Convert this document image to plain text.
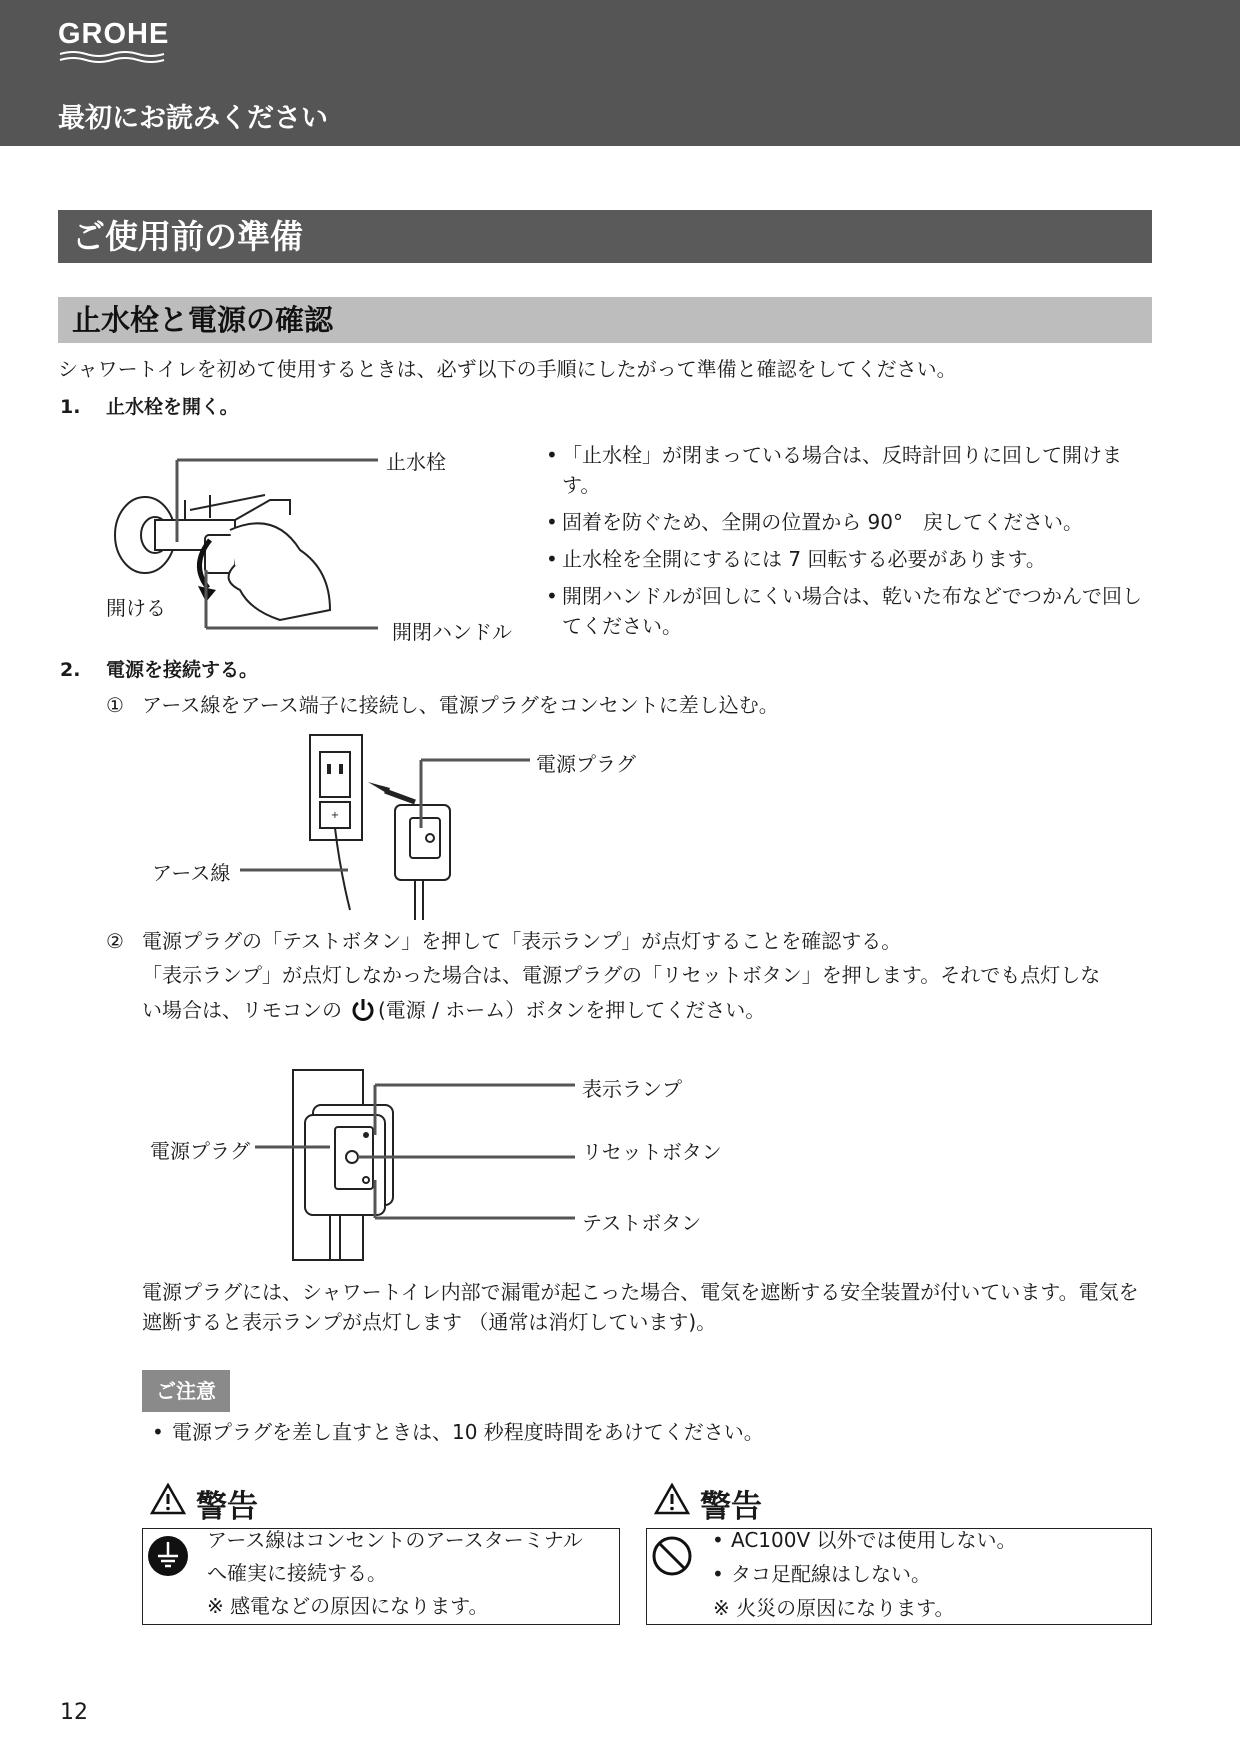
GROHE
最初にお読みください
ご使用前の準備
止水栓と電源の確認
シャワートイレを初めて使用するときは、必ず以下の手順にしたがって準備と確認をしてください。
1. 止水栓を開く。
止水栓
開ける
開閉ハンドル
• 「止水栓」が閉まっている場合は、反時計回りに回して開けます。
• 固着を防ぐため、全開の位置から 90°　戻してください。
• 止水栓を全開にするには 7 回転する必要があります。
• 開閉ハンドルが回しにくい場合は、乾いた布などでつかんで回してください。
2. 電源を接続する。
① アース線をアース端子に接続し、電源プラグをコンセントに差し込む。
+
電源プラグ
アース線
② 電源プラグの「テストボタン」を押して「表示ランプ」が点灯することを確認する。
「表示ランプ」が点灯しなかった場合は、電源プラグの「リセットボタン」を押します。それでも点灯しな
い場合は、リモコンの (電源 / ホーム）ボタンを押してください。
表示ランプ
電源プラグ	リセットボタン
テストボタン
電源プラグには、シャワートイレ内部で漏電が起こった場合、電気を遮断する安全装置が付いています。電気を遮断すると表示ランプが点灯します （通常は消灯しています)。
ご注意
• 電源プラグを差し直すときは、10 秒程度時間をあけてください。
警告
アース線はコンセントのアースターミナル
へ確実に接続する。
※ 感電などの原因になります。
警告
• AC100V 以外では使用しない。
• タコ足配線はしない。
※ 火災の原因になります。
12
